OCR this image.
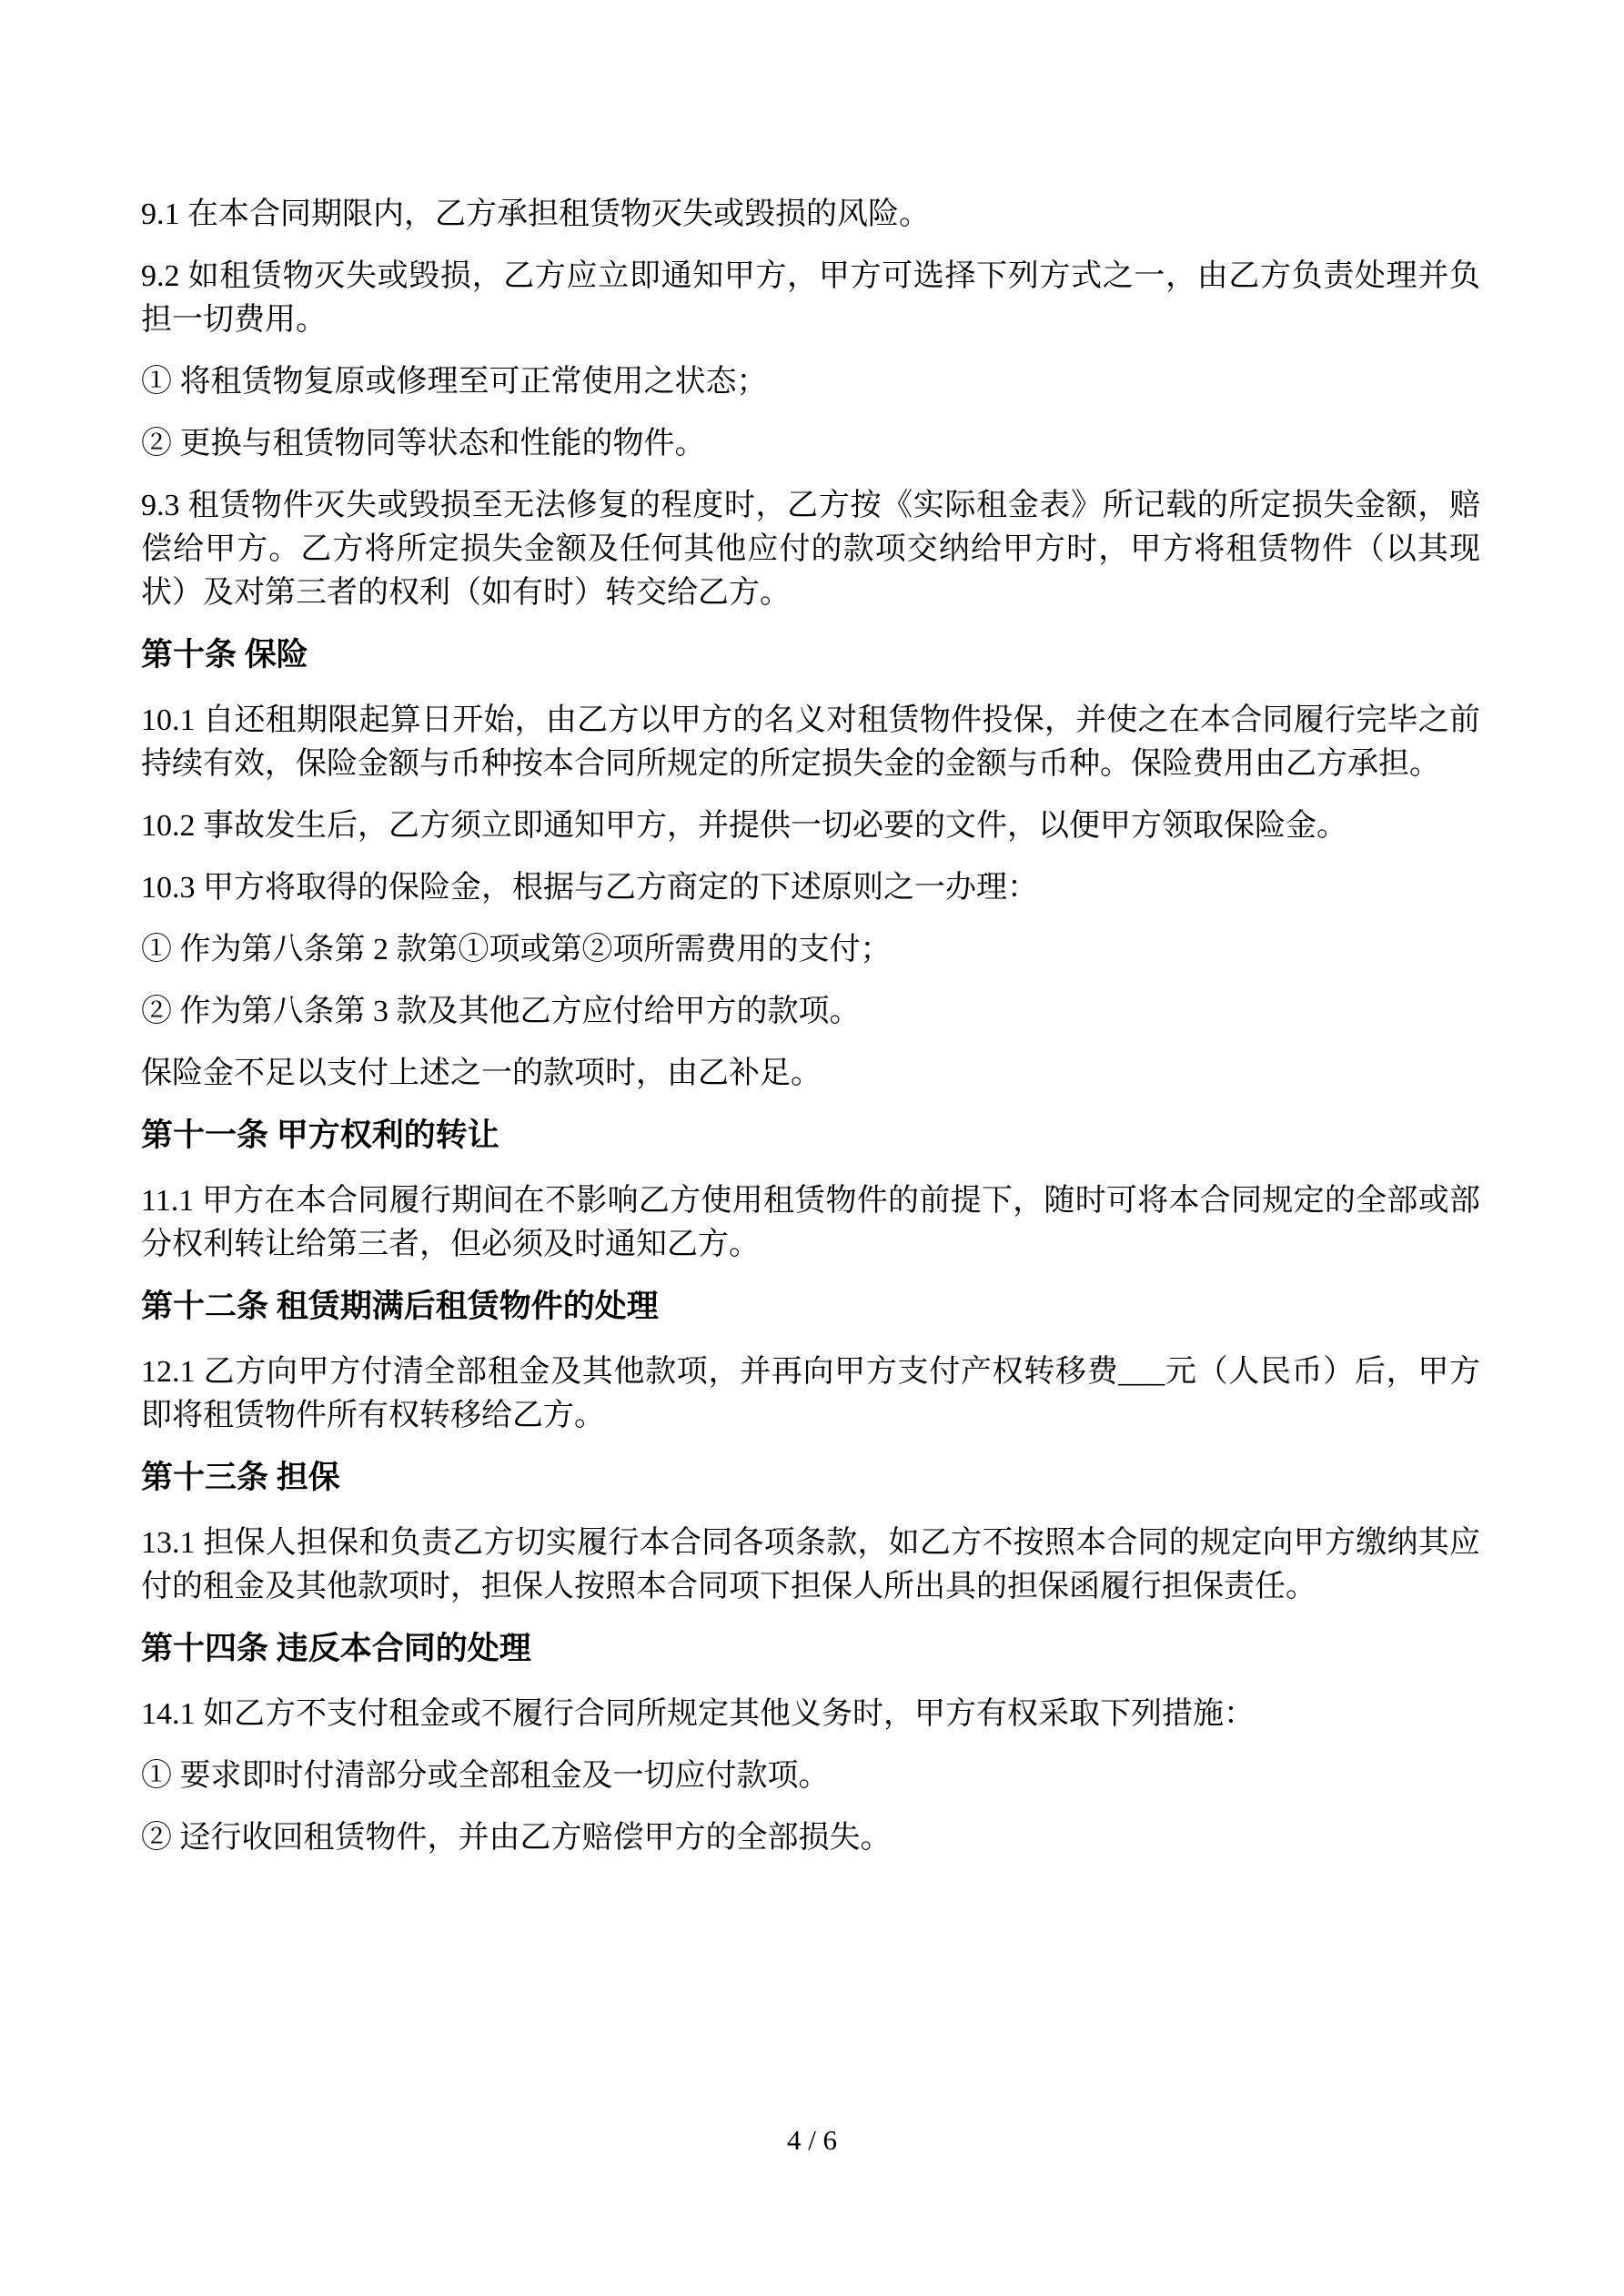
9.1 在本合同期限内，乙方承担租赁物灭失或毁损的风险。

9.2 如租赁物灭失或毁损，乙方应立即通知甲方，甲方可选择下列方式之一，由乙方负责处理并负担一切费用。

① 将租赁物复原或修理至可正常使用之状态；

② 更换与租赁物同等状态和性能的物件。

9.3 租赁物件灭失或毁损至无法修复的程度时，乙方按《实际租金表》所记载的所定损失金额，赔偿给甲方。乙方将所定损失金额及任何其他应付的款项交纳给甲方时，甲方将租赁物件（以其现状）及对第三者的权利（如有时）转交给乙方。

第十条 保险

10.1 自还租期限起算日开始，由乙方以甲方的名义对租赁物件投保，并使之在本合同履行完毕之前持续有效，保险金额与币种按本合同所规定的所定损失金的金额与币种。保险费用由乙方承担。

10.2 事故发生后，乙方须立即通知甲方，并提供一切必要的文件，以便甲方领取保险金。

10.3 甲方将取得的保险金，根据与乙方商定的下述原则之一办理：

① 作为第八条第 2 款第①项或第②项所需费用的支付；

② 作为第八条第 3 款及其他乙方应付给甲方的款项。

保险金不足以支付上述之一的款项时，由乙补足。

第十一条 甲方权利的转让

11.1 甲方在本合同履行期间在不影响乙方使用租赁物件的前提下，随时可将本合同规定的全部或部分权利转让给第三者，但必须及时通知乙方。

第十二条 租赁期满后租赁物件的处理

12.1 乙方向甲方付清全部租金及其他款项，并再向甲方支付产权转移费___元（人民币）后，甲方即将租赁物件所有权转移给乙方。

第十三条 担保

13.1 担保人担保和负责乙方切实履行本合同各项条款，如乙方不按照本合同的规定向甲方缴纳其应付的租金及其他款项时，担保人按照本合同项下担保人所出具的担保函履行担保责任。

第十四条 违反本合同的处理

14.1 如乙方不支付租金或不履行合同所规定其他义务时，甲方有权采取下列措施：

① 要求即时付清部分或全部租金及一切应付款项。

② 迳行收回租赁物件，并由乙方赔偿甲方的全部损失。

4 / 6
